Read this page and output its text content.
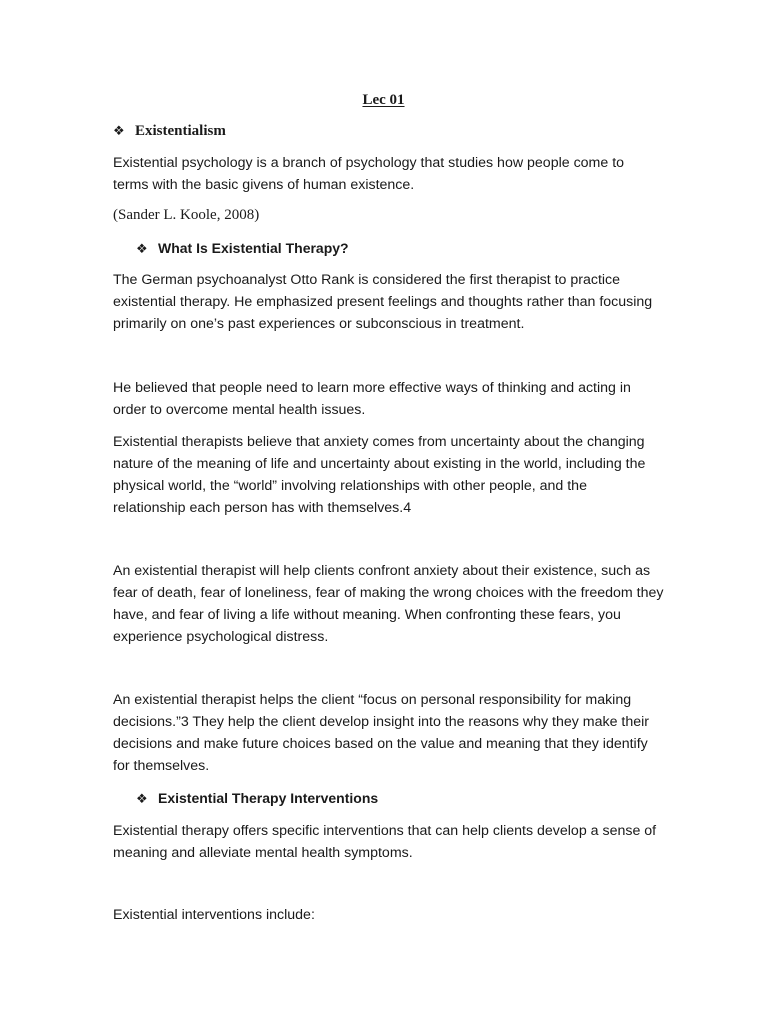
Lec 01
❖ Existentialism

Existential psychology is a branch of psychology that studies how people come to
terms with the basic givens of human existence.

(Sander L. Koole, 2008)
❖ What Is Existential Therapy?

The German psychoanalyst Otto Rank is considered the first therapist to practice
existential therapy. He emphasized present feelings and thoughts rather than focusing
primarily on one’s past experiences or subconscious in treatment.

He believed that people need to learn more effective ways of thinking and acting in
order to overcome mental health issues.

Existential therapists believe that anxiety comes from uncertainty about the changing
nature of the meaning of life and uncertainty about existing in the world, including the
physical world, the “world” involving relationships with other people, and the
relationship each person has with themselves.4

An existential therapist will help clients confront anxiety about their existence, such as
fear of death, fear of loneliness, fear of making the wrong choices with the freedom they
have, and fear of living a life without meaning. When confronting these fears, you
experience psychological distress.

An existential therapist helps the client “focus on personal responsibility for making
decisions.”3 They help the client develop insight into the reasons why they make their
decisions and make future choices based on the value and meaning that they identify
for themselves.

❖ Existential Therapy Interventions

Existential therapy offers specific interventions that can help clients develop a sense of
meaning and alleviate mental health symptoms.

Existential interventions include:
